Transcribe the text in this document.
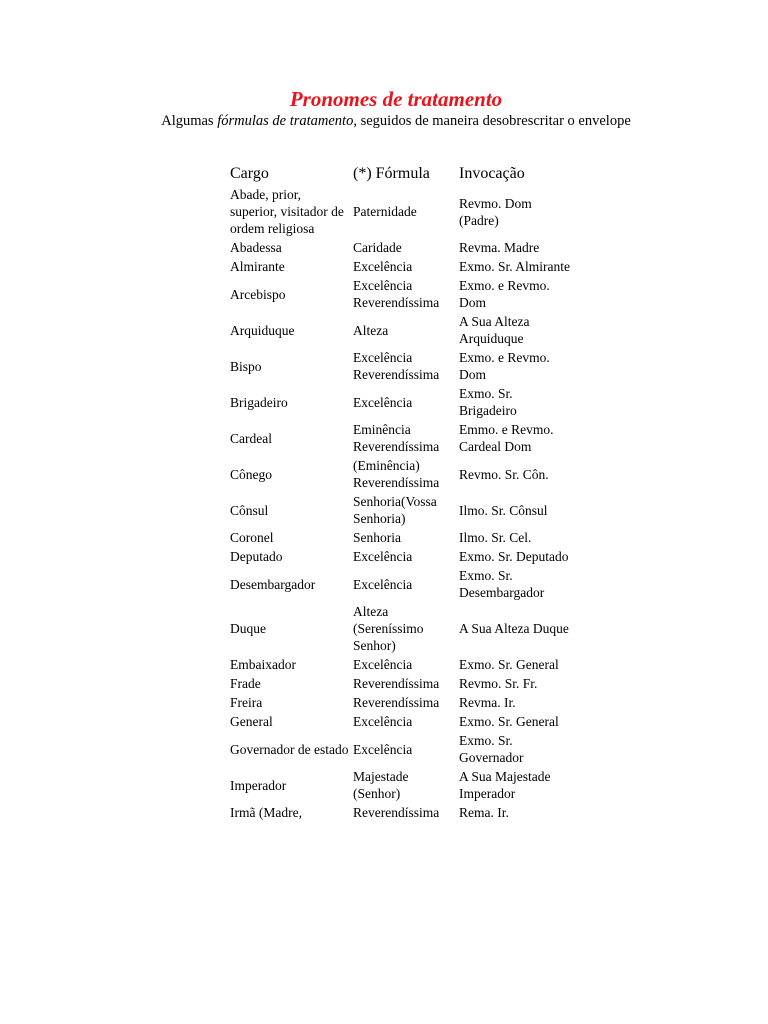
Pronomes de tratamento
Algumas fórmulas de tratamento, seguidos de maneira desobrescritar o envelope
Cargo	(*) Fórmula	Invocação
Abade, prior, superior, visitador de ordem religiosa	Paternidade	Revmo. Dom (Padre)
Abadessa	Caridade	Revma. Madre
Almirante	Excelência	Exmo. Sr. Almirante
Arcebispo	Excelência Reverendíssima	Exmo. e Revmo. Dom
Arquiduque	Alteza	A Sua Alteza Arquiduque
Bispo	Excelência Reverendíssima	Exmo. e Revmo. Dom
Brigadeiro	Excelência	Exmo. Sr. Brigadeiro
Cardeal	Eminência Reverendíssima	Emmo. e Revmo. Cardeal Dom
Cônego	(Eminência) Reverendíssima	Revmo. Sr. Côn.
Cônsul	Senhoria(Vossa Senhoria)	Ilmo. Sr. Cônsul
Coronel	Senhoria	Ilmo. Sr. Cel.
Deputado	Excelência	Exmo. Sr. Deputado
Desembargador	Excelência	Exmo. Sr. Desembargador
Duque	Alteza (Sereníssimo Senhor)	A Sua Alteza Duque
Embaixador	Excelência	Exmo. Sr. General
Frade	Reverendíssima	Revmo. Sr. Fr.
Freira	Reverendíssima	Revma. Ir.
General	Excelência	Exmo. Sr. General
Governador de estado	Excelência	Exmo. Sr. Governador
Imperador	Majestade (Senhor)	A Sua Majestade Imperador
Irmã (Madre,	Reverendíssima	Rema. Ir.
